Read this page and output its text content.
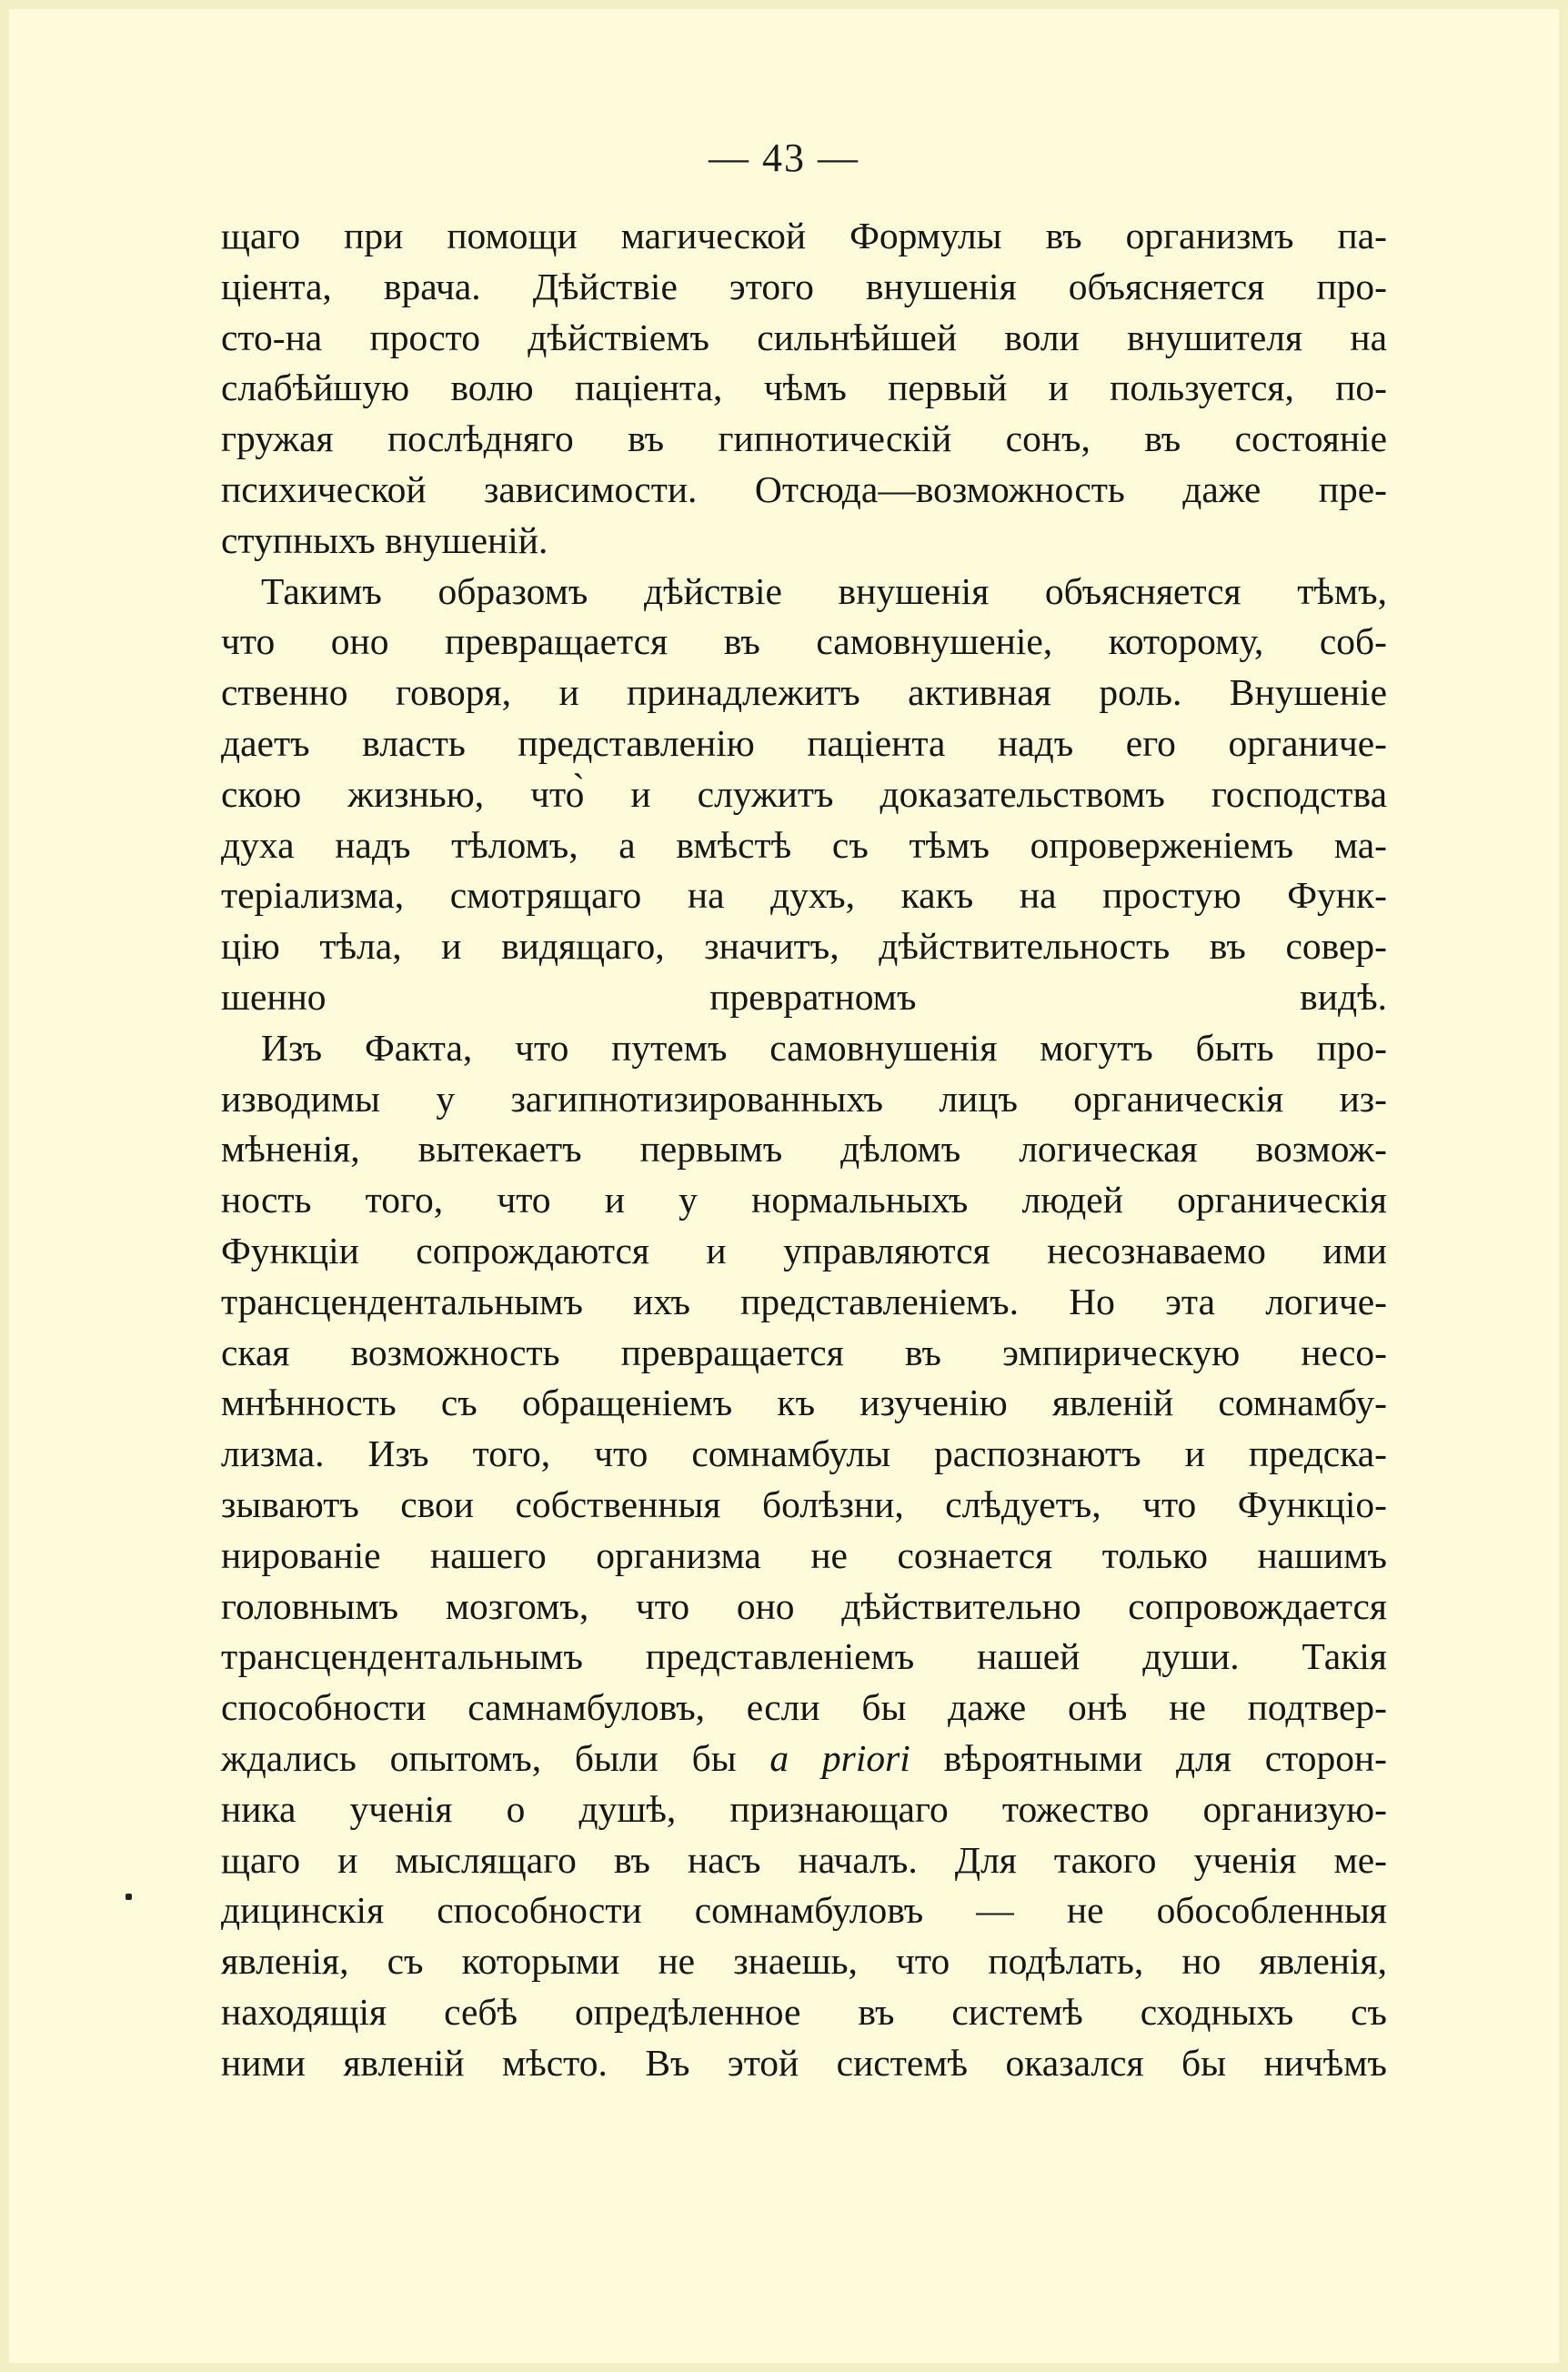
— 43 —
щаго при помощи магической Формулы въ организмъ па-
ціента, врача. Дѣйствіе этого внушенія объясняется про-
сто-на просто дѣйствіемъ сильнѣйшей воли внушителя на
слабѣйшую волю паціента, чѣмъ первый и пользуется, по-
гружая послѣдняго въ гипнотическій сонъ, въ состояніе
психической зависимости. Отсюда—возможность даже пре-
ступныхъ внушеній.
Такимъ образомъ дѣйствіе внушенія объясняется тѣмъ,
что оно превращается въ самовнушеніе, которому, соб-
ственно говоря, и принадлежитъ активная роль. Внушеніе
даетъ власть представленію паціента надъ его органиче-
скою жизнью, что̀ и служитъ доказательствомъ господства
духа надъ тѣломъ, а вмѣстѣ съ тѣмъ опроверженіемъ ма-
теріализма, смотрящаго на духъ, какъ на простую Функ-
цію тѣла, и видящаго, значитъ, дѣйствительность въ совер-
шенно превратномъ видѣ.
Изъ Факта, что путемъ самовнушенія могутъ быть про-
изводимы у загипнотизированныхъ лицъ органическія из-
мѣненія, вытекаетъ первымъ дѣломъ логическая возмож-
ность того, что и у нормальныхъ людей органическія
Функціи сопрождаются и управляются несознаваемо ими
трансцендентальнымъ ихъ представленіемъ. Но эта логиче-
ская возможность превращается въ эмпирическую несо-
мнѣнность съ обращеніемъ къ изученію явленій сомнамбу-
лизма. Изъ того, что сомнамбулы распознаютъ и предска-
зываютъ свои собственныя болѣзни, слѣдуетъ, что Функціо-
нированіе нашего организма не сознается только нашимъ
головнымъ мозгомъ, что оно дѣйствительно сопровождается
трансцендентальнымъ представленіемъ нашей души. Такія
способности самнамбуловъ, если бы даже онѣ не подтвер-
ждались опытомъ, были бы a priori вѣроятными для сторон-
ника ученія о душѣ, признающаго тожество организую-
щаго и мыслящаго въ насъ началъ. Для такого ученія ме-
дицинскія способности сомнамбуловъ — не обособленныя
явленія, съ которыми не знаешь, что подѣлать, но явленія,
находящія себѣ опредѣленное въ системѣ сходныхъ съ
ними явленій мѣсто. Въ этой системѣ оказался бы ничѣмъ
